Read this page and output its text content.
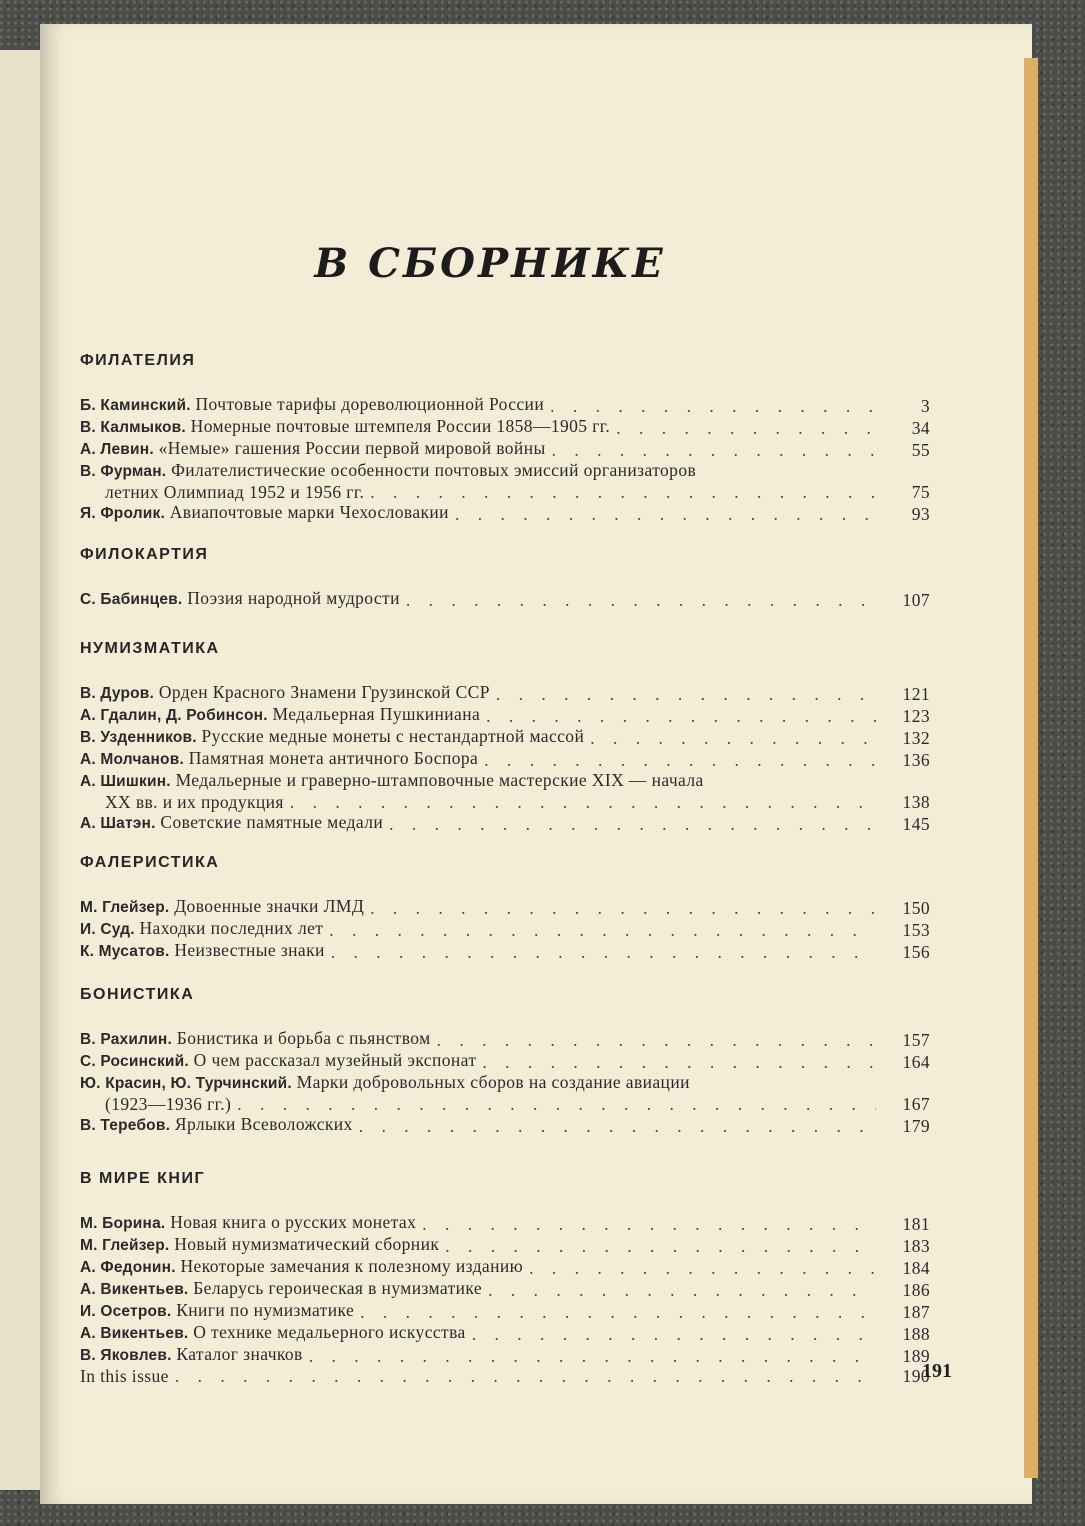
В СБОРНИКЕ
ФИЛАТЕЛИЯ
Б. Каминский. Почтовые тарифы дореволюционной России . . .	3
В. Калмыков. Номерные почтовые штемпеля России 1858—1905 гг. . . .	34
А. Левин. «Немые» гашения России первой мировой войны . . .	55
В. Фурман. Филателистические особенности почтовых эмиссий организаторов
летних Олимпиад 1952 и 1956 гг. . . .	75
Я. Фролик. Авиапочтовые марки Чехословакии . . .	93
ФИЛОКАРТИЯ
С. Бабинцев. Поэзия народной мудрости . . .	107
НУМИЗМАТИКА
В. Дуров. Орден Красного Знамени Грузинской ССР . . .	121
А. Гдалин, Д. Робинсон. Медальерная Пушкиниана . . .	123
В. Узденников. Русские медные монеты с нестандартной массой . . .	132
А. Молчанов. Памятная монета античного Боспора . . .	136
А. Шишкин. Медальерные и граверно-штамповочные мастерские XIX — начала
XX вв. и их продукция . . .	138
А. Шатэн. Советские памятные медали . . .	145
ФАЛЕРИСТИКА
М. Глейзер. Довоенные значки ЛМД . . .	150
И. Суд. Находки последних лет . . .	153
К. Мусатов. Неизвестные знаки . . .	156
БОНИСТИКА
В. Рахилин. Бонистика и борьба с пьянством . . .	157
С. Росинский. О чем рассказал музейный экспонат . . .	164
Ю. Красин, Ю. Турчинский. Марки добровольных сборов на создание авиации
(1923—1936 гг.) . . .	167
В. Теребов. Ярлыки Всеволожских . . .	179
В МИРЕ КНИГ
М. Борина. Новая книга о русских монетах . . .	181
М. Глейзер. Новый нумизматический сборник . . .	183
А. Федонин. Некоторые замечания к полезному изданию . . .	184
А. Викентьев. Беларусь героическая в нумизматике . . .	186
И. Осетров. Книги по нумизматике . . .	187
А. Викентьев. О технике медальерного искусства . . .	188
В. Яковлев. Каталог значков . . .	189
In this issue . . .	190

191
